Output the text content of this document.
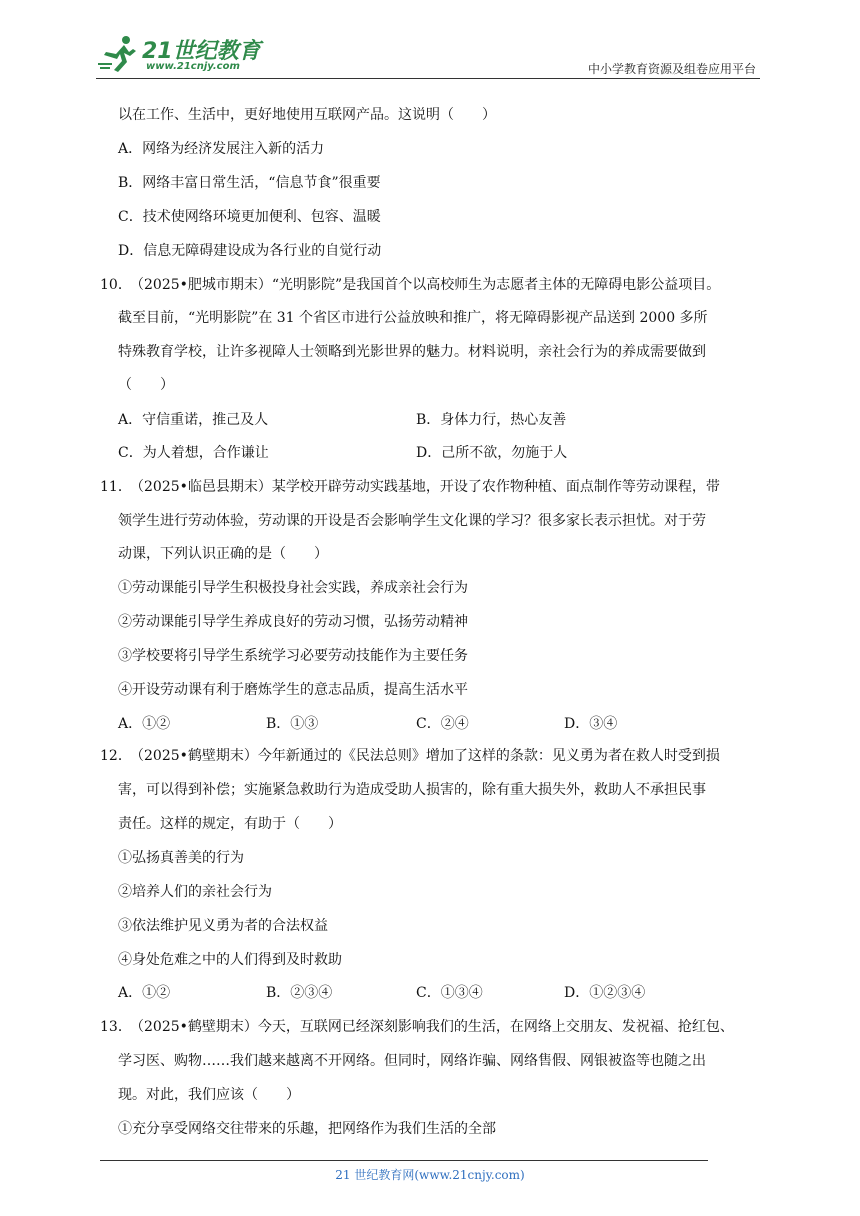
21世纪教育
www.21cnjy.com	中小学教育资源及组卷应用平台
以在工作、生活中，更好地使用互联网产品。这说明（　　）
A．网络为经济发展注入新的活力
B．网络丰富日常生活，“信息节食”很重要
C．技术使网络环境更加便利、包容、温暖
D．信息无障碍建设成为各行业的自觉行动
10．
（2025•肥城市期末）“光明影院”是我国首个以高校师生为志愿者主体的无障碍电影公益项目。
截至目前，“光明影院”在 31 个省区市进行公益放映和推广，将无障碍影视产品送到 2000 多所
特殊教育学校，让许多视障人士领略到光影世界的魅力。材料说明，亲社会行为的养成需要做到
（　　）
A．守信重诺，推己及人	B．身体力行，热心友善
C．为人着想，合作谦让	D．己所不欲，勿施于人
11．
（2025•临邑县期末）某学校开辟劳动实践基地，开设了农作物种植、面点制作等劳动课程，带
领学生进行劳动体验，劳动课的开设是否会影响学生文化课的学习？很多家长表示担忧。对于劳
动课，下列认识正确的是（　　）
①劳动课能引导学生积极投身社会实践，养成亲社会行为
②劳动课能引导学生养成良好的劳动习惯，弘扬劳动精神
③学校要将引导学生系统学习必要劳动技能作为主要任务
④开设劳动课有利于磨炼学生的意志品质，提高生活水平
A．①②	B．①③	C．②④	D．③④
12．
（2025•鹤壁期末）今年新通过的《民法总则》增加了这样的条款：见义勇为者在救人时受到损
害，可以得到补偿；实施紧急救助行为造成受助人损害的，除有重大损失外，救助人不承担民事
责任。这样的规定，有助于（　　）
①弘扬真善美的行为
②培养人们的亲社会行为
③依法维护见义勇为者的合法权益
④身处危难之中的人们得到及时救助
A．①②	B．②③④	C．①③④	D．①②③④
13．
（2025•鹤壁期末）今天，互联网已经深刻影响我们的生活，在网络上交朋友、发祝福、抢红包、
学习医、购物……我们越来越离不开网络。但同时，网络诈骗、网络售假、网银被盗等也随之出
现。对此，我们应该（　　）
①充分享受网络交往带来的乐趣，把网络作为我们生活的全部
21 世纪教育网(www.21cnjy.com)
